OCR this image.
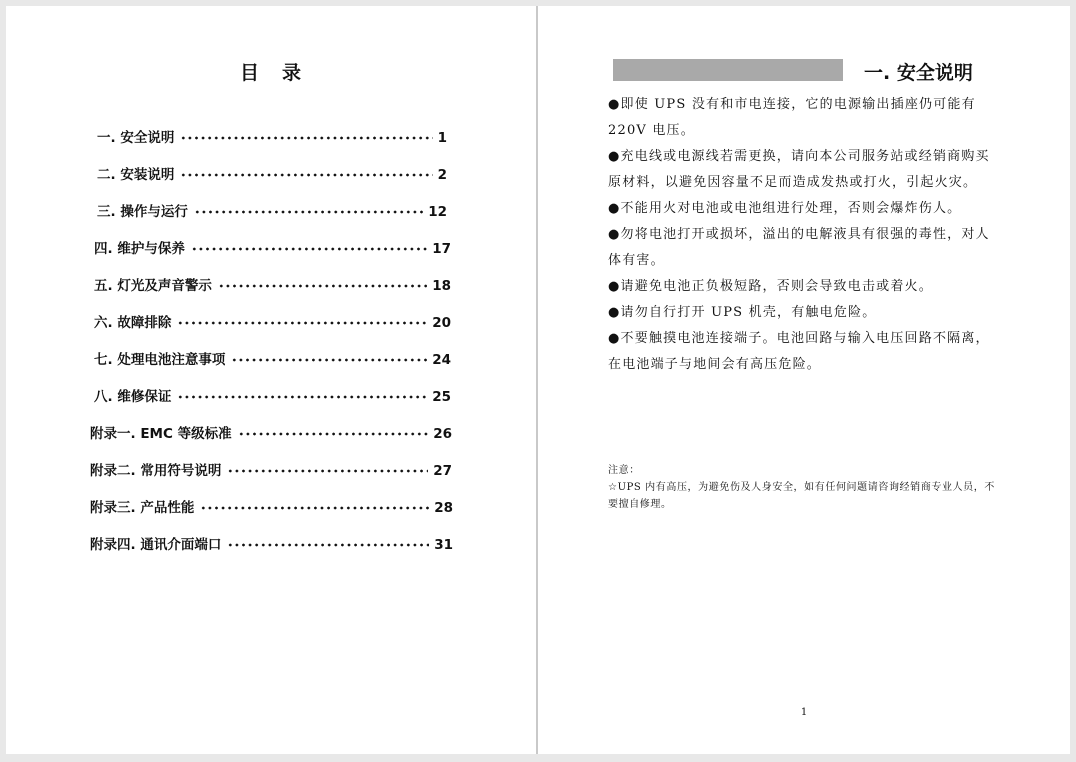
目　录
一. 安全说明	1
二. 安装说明	2
三. 操作与运行	12
四. 维护与保养	17
五. 灯光及声音警示	18
六. 故障排除	20
七. 处理电池注意事项	24
八. 维修保证	25
附录一. EMC 等级标准	26
附录二. 常用符号说明	27
附录三. 产品性能	28
附录四. 通讯介面端口	31
一. 安全说明

●即使 UPS 没有和市电连接，它的电源输出插座仍可能有220V 电压。

●充电线或电源线若需更换，请向本公司服务站或经销商购买原材料，以避免因容量不足而造成发热或打火，引起火灾。

●不能用火对电池或电池组进行处理，否则会爆炸伤人。

●勿将电池打开或损坏，溢出的电解液具有很强的毒性，对人体有害。

●请避免电池正负极短路，否则会导致电击或着火。

●请勿自行打开 UPS 机壳，有触电危险。

●不要触摸电池连接端子。电池回路与输入电压回路不隔离，在电池端子与地间会有高压危险。

注意：

☆UPS 内有高压，为避免伤及人身安全，如有任何问题请咨询经销商专业人员，不要擅自修理。

1
